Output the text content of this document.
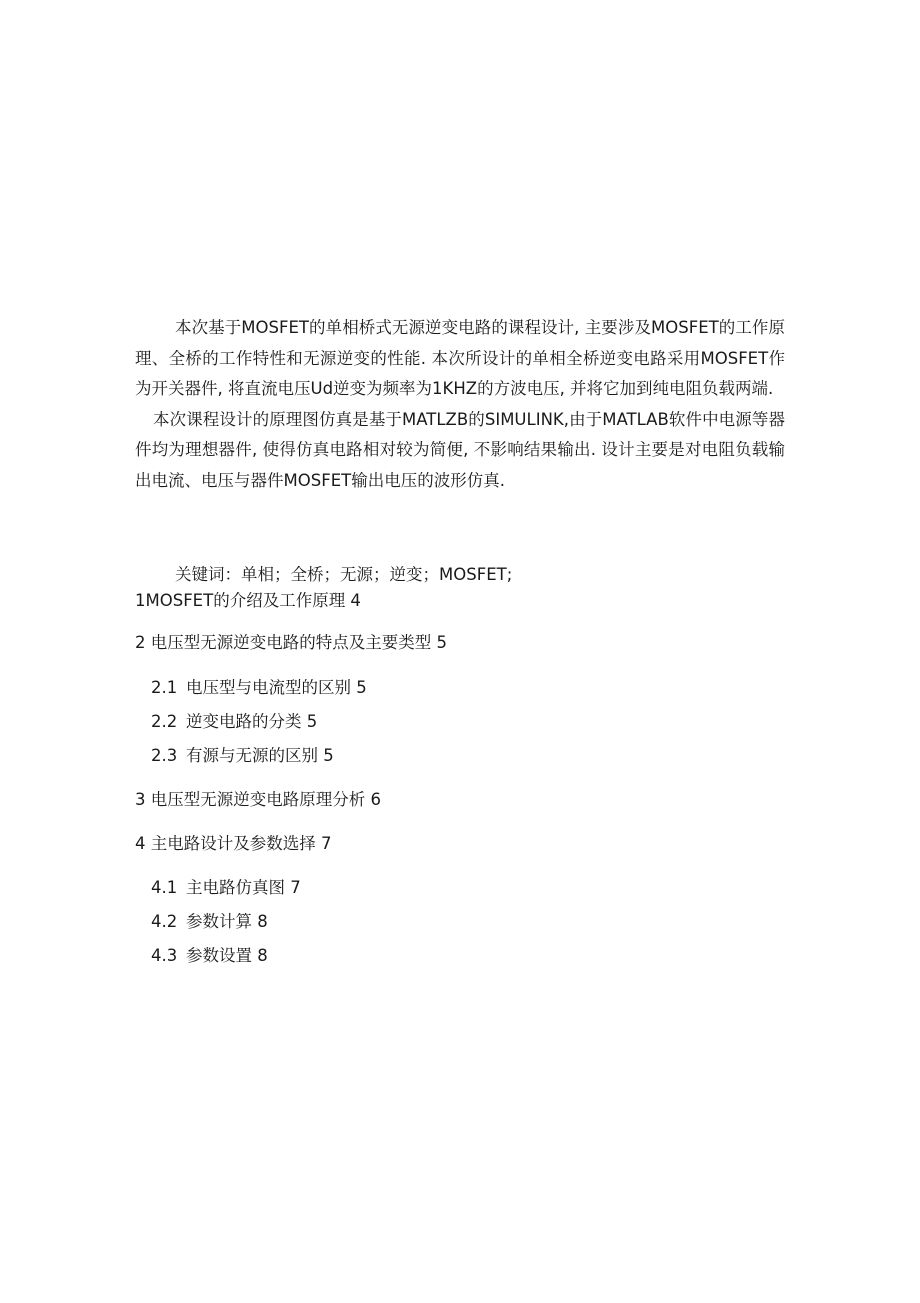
本次基于MOSFET的单相桥式无源逆变电路的课程设计, 主要涉及MOSFET的工作原理、全桥的工作特性和无源逆变的性能. 本次所设计的单相全桥逆变电路采用MOSFET作为开关器件, 将直流电压Ud逆变为频率为1KHZ的方波电压, 并将它加到纯电阻负载两端.

本次课程设计的原理图仿真是基于MATLZB的SIMULINK,由于MATLAB软件中电源等器件均为理想器件, 使得仿真电路相对较为简便, 不影响结果输出. 设计主要是对电阻负载输出电流、电压与器件MOSFET输出电压的波形仿真.

关键词：单相；全桥；无源；逆变；MOSFET;
1MOSFET的介绍及工作原理 4
2 电压型无源逆变电路的特点及主要类型 5
2.1 电压型与电流型的区别 5
2.2 逆变电路的分类 5
2.3 有源与无源的区别 5
3 电压型无源逆变电路原理分析 6
4 主电路设计及参数选择 7
4.1 主电路仿真图 7
4.2 参数计算 8
4.3 参数设置 8
